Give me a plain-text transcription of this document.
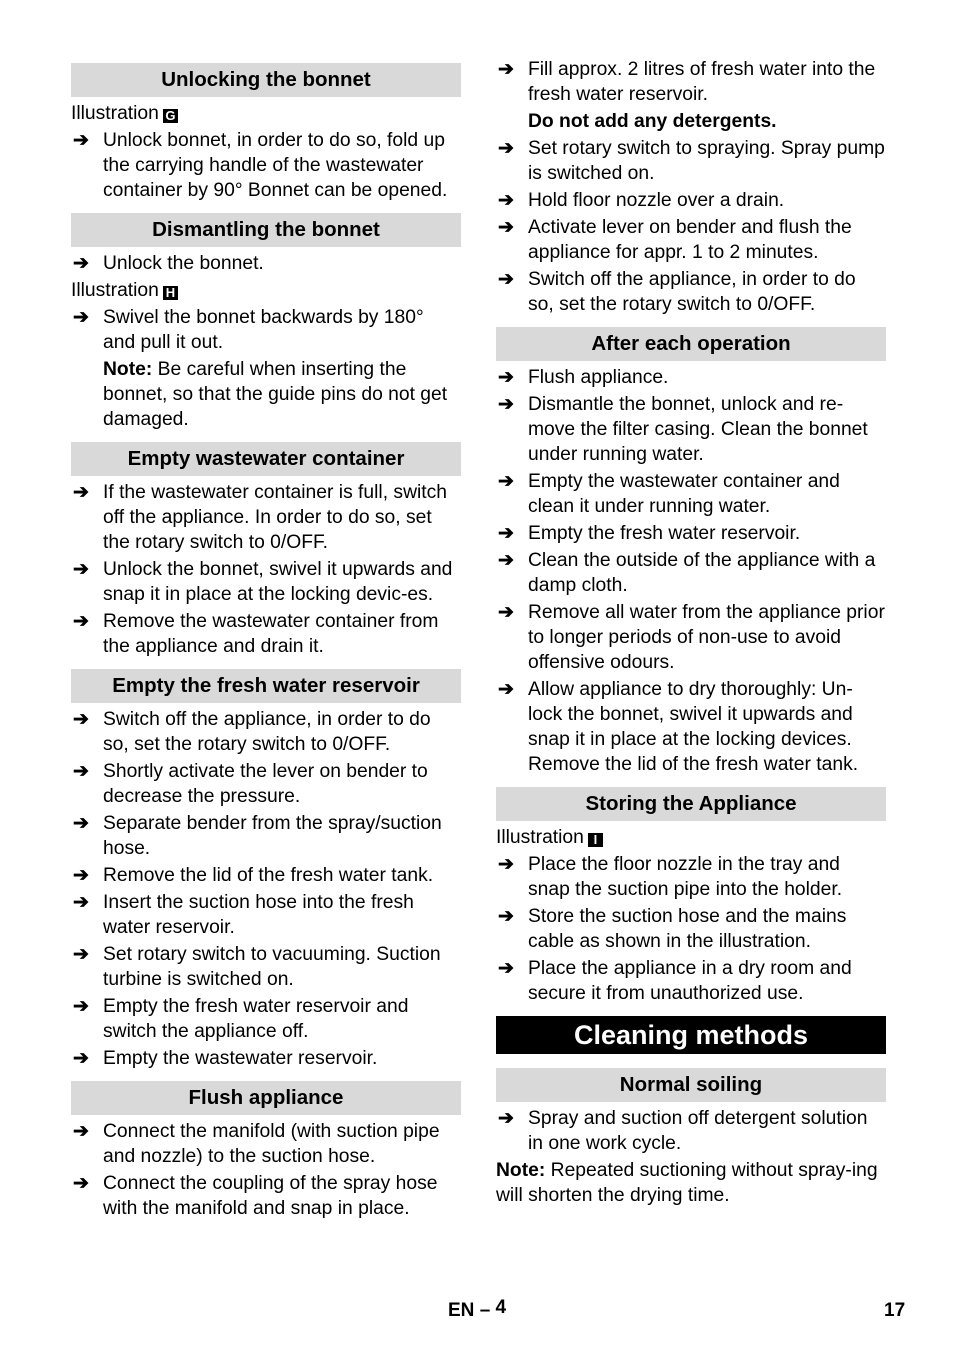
Unlocking the bonnet
Illustration G
➔ Unlock bonnet, in order to do so, fold up the carrying handle of the wastewater container by 90° Bonnet can be opened.
Dismantling the bonnet
➔ Unlock the bonnet.
Illustration H
➔ Swivel the bonnet backwards by 180° and pull it out.
Note: Be careful when inserting the bonnet, so that the guide pins do not get damaged.
Empty wastewater container
➔ If the wastewater container is full, switch off the appliance. In order to do so, set the rotary switch to 0/OFF.
➔ Unlock the bonnet, swivel it upwards and snap it in place at the locking devic-es.
➔ Remove the wastewater container from the appliance and drain it.
Empty the fresh water reservoir
➔ Switch off the appliance, in order to do so, set the rotary switch to 0/OFF.
➔ Shortly activate the lever on bender to decrease the pressure.
➔ Separate bender from the spray/suction hose.
➔ Remove the lid of the fresh water tank.
➔ Insert the suction hose into the fresh water reservoir.
➔ Set rotary switch to vacuuming. Suction turbine is switched on.
➔ Empty the fresh water reservoir and switch the appliance off.
➔ Empty the wastewater reservoir.
Flush appliance
➔ Connect the manifold (with suction pipe and nozzle) to the suction hose.
➔ Connect the coupling of the spray hose with the manifold and snap in place.
➔ Fill approx. 2 litres of fresh water into the fresh water reservoir.
Do not add any detergents.
➔ Set rotary switch to spraying. Spray pump is switched on.
➔ Hold floor nozzle over a drain.
➔ Activate lever on bender and flush the appliance for appr. 1 to 2 minutes.
➔ Switch off the appliance, in order to do so, set the rotary switch to 0/OFF.
After each operation
➔ Flush appliance.
➔ Dismantle the bonnet, unlock and re-move the filter casing. Clean the bonnet under running water.
➔ Empty the wastewater container and clean it under running water.
➔ Empty the fresh water reservoir.
➔ Clean the outside of the appliance with a damp cloth.
➔ Remove all water from the appliance prior to longer periods of non-use to avoid offensive odours.
➔ Allow appliance to dry thoroughly: Un-lock the bonnet, swivel it upwards and snap it in place at the locking devices. Remove the lid of the fresh water tank.
Storing the Appliance
Illustration I
➔ Place the floor nozzle in the tray and snap the suction pipe into the holder.
➔ Store the suction hose and the mains cable as shown in the illustration.
➔ Place the appliance in a dry room and secure it from unauthorized use.
Cleaning methods
Normal soiling
➔ Spray and suction off detergent solution in one work cycle.
Note: Repeated suctioning without spray-ing will shorten the drying time.
EN – 4	17
